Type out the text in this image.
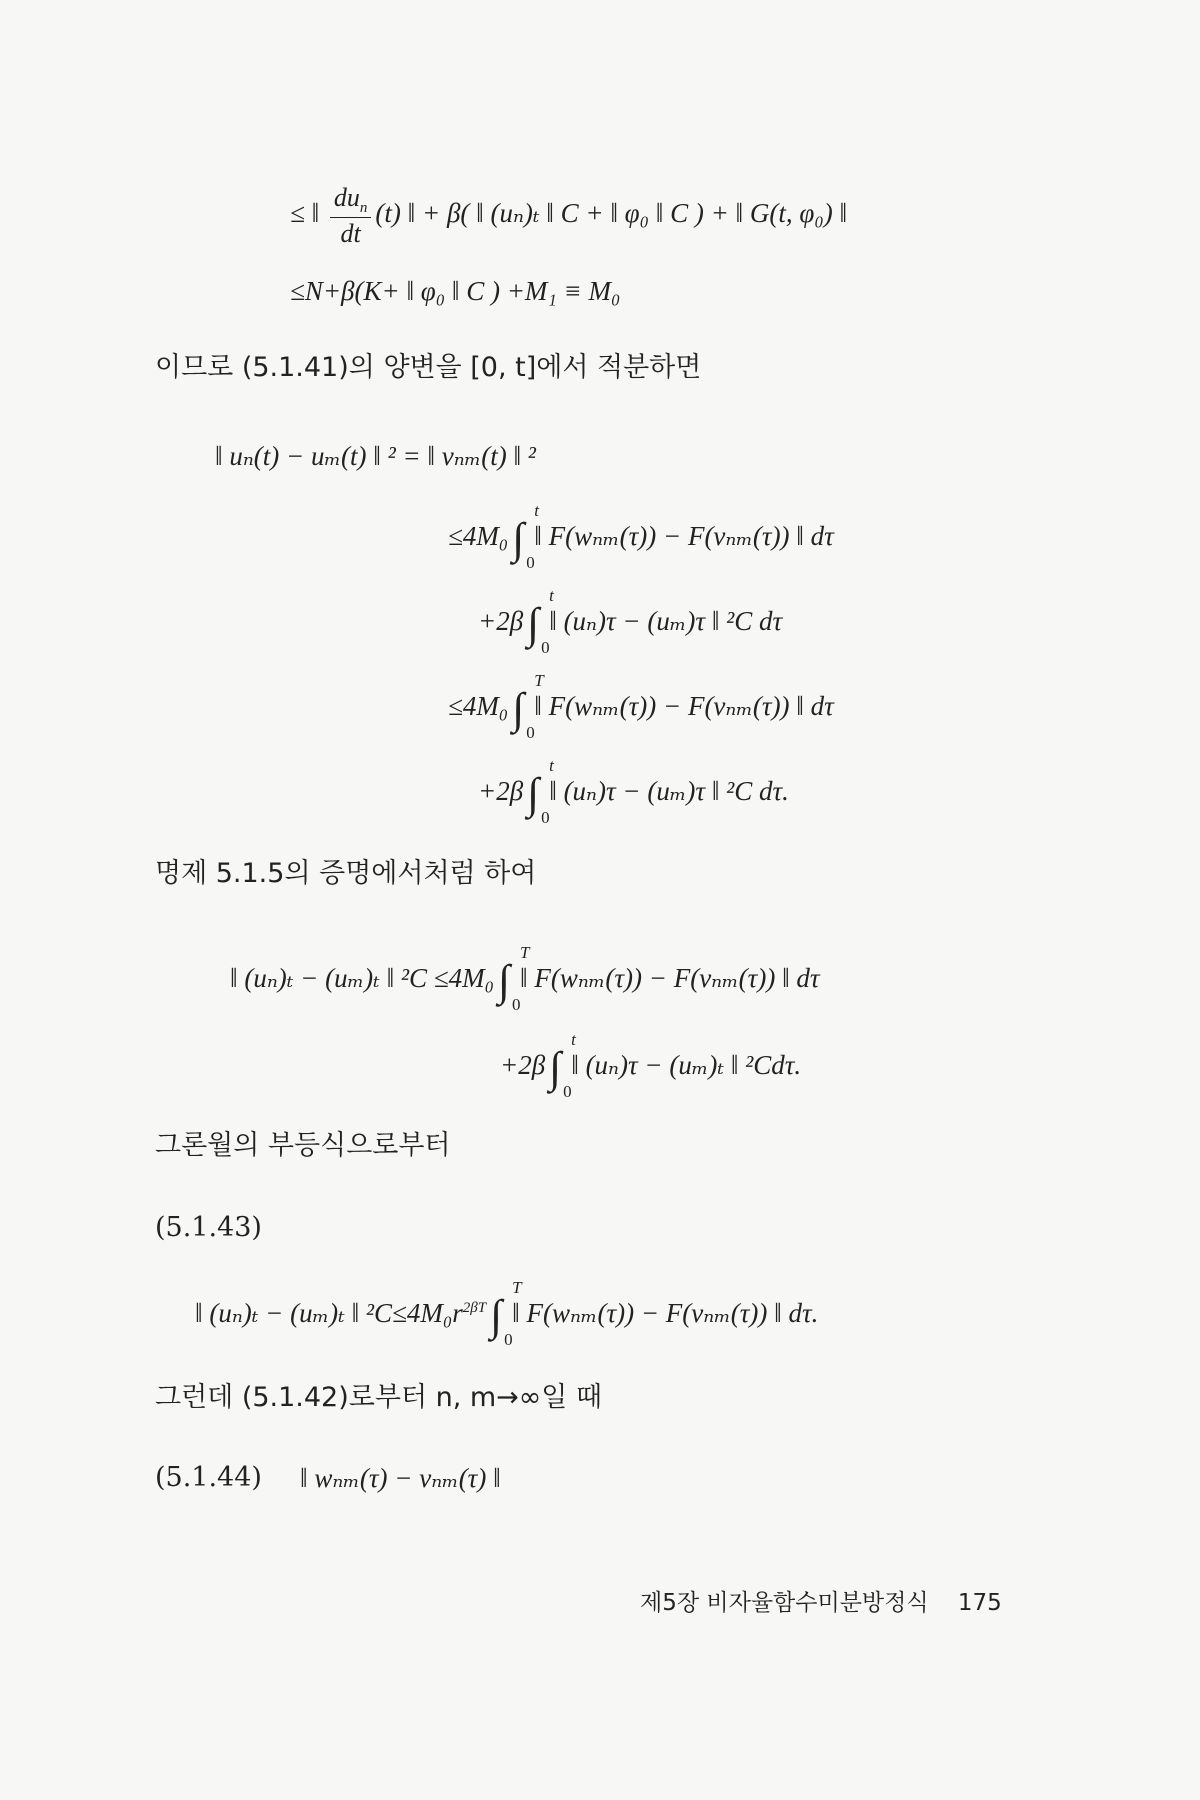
≤ ‖ $\frac{du_n}{dt} (t)$ ‖ + β( ‖ (uₙ)ₜ ‖ C + ‖ φ₀ ‖ C ) + ‖ G(t, φ₀) ‖
≤N+β(K+ ‖ φ₀ ‖ C ) +M₁ ≡ M₀
이므로 (5.1.41)의 양변을 [0, t]에서 적분하면
‖ uₙ(t) − uₘ(t) ‖ ² = ‖ vₙₘ(t) ‖ ²
≤4M₀∫
t
0
‖ F(wₙₘ(τ)) − F(vₙₘ(τ)) ‖ dτ
+2β∫
t
0
‖ (uₙ)τ − (uₘ)τ ‖ ²C dτ
≤4M₀∫
T
0
‖ F(wₙₘ(τ)) − F(vₙₘ(τ)) ‖ dτ
+2β∫
t
0
‖ (uₙ)τ − (uₘ)τ ‖ ²C dτ.
명제 5.1.5의 증명에서처럼 하여
‖ (uₙ)ₜ − (uₘ)ₜ ‖ ²C ≤4M₀∫
T
0
‖ F(wₙₘ(τ)) − F(vₙₘ(τ)) ‖ dτ
+2β∫
t
0
‖ (uₙ)τ − (uₘ)ₜ ‖ ²Cdτ.
그론월의 부등식으로부터
(5.1.43)
‖ (uₙ)ₜ − (uₘ)ₜ ‖ $^2C\le 4M_0r^{2\beta T}\int$
T
0
‖ F(wₙₘ(τ)) − F(vₙₘ(τ)) ‖ dτ.
그런데 (5.1.42)로부터 n, m→∞일 때
(5.1.44) ‖ wₙₘ(τ) − vₙₘ(τ) ‖
제5장 비자율함수미분방정식 175
